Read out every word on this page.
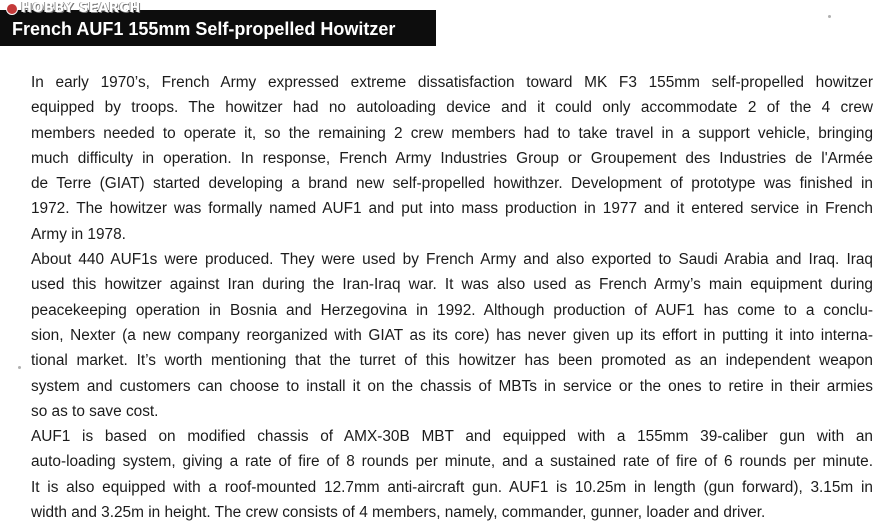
HOBBY SEARCH
French AUF1 155mm Self-propelled Howitzer
In early 1970’s, French Army expressed extreme dissatisfaction toward MK F3 155mm self-propelled howitzer
equipped by troops. The howitzer had no autoloading device and it could only accommodate 2 of the 4 crew
members needed to operate it, so the remaining 2 crew members had to take travel in a support vehicle, bringing
much difficulty in operation. In response, French Army Industries Group or Groupement des Industries de l'Armée
de Terre (GIAT) started developing a brand new self-propelled howithzer. Development of prototype was finished in
1972. The howitzer was formally named AUF1 and put into mass production in 1977 and it entered service in French
Army in 1978.
About 440 AUF1s were produced. They were used by French Army and also exported to Saudi Arabia and Iraq. Iraq
used this howitzer against Iran during the Iran-Iraq war. It was also used as French Army’s main equipment during
peacekeeping operation in Bosnia and Herzegovina in 1992. Although production of AUF1 has come to a conclu-
sion, Nexter (a new company reorganized with GIAT as its core) has never given up its effort in putting it into interna-
tional market. It’s worth mentioning that the turret of this howitzer has been promoted as an independent weapon
system and customers can choose to install it on the chassis of MBTs in service or the ones to retire in their armies
so as to save cost.
AUF1 is based on modified chassis of AMX-30B MBT and equipped with a 155mm 39-caliber gun with an
auto-loading system, giving a rate of fire of 8 rounds per minute, and a sustained rate of fire of 6 rounds per minute.
It is also equipped with a roof-mounted 12.7mm anti-aircraft gun. AUF1 is 10.25m in length (gun forward), 3.15m in
width and 3.25m in height. The crew consists of 4 members, namely, commander, gunner, loader and driver.
